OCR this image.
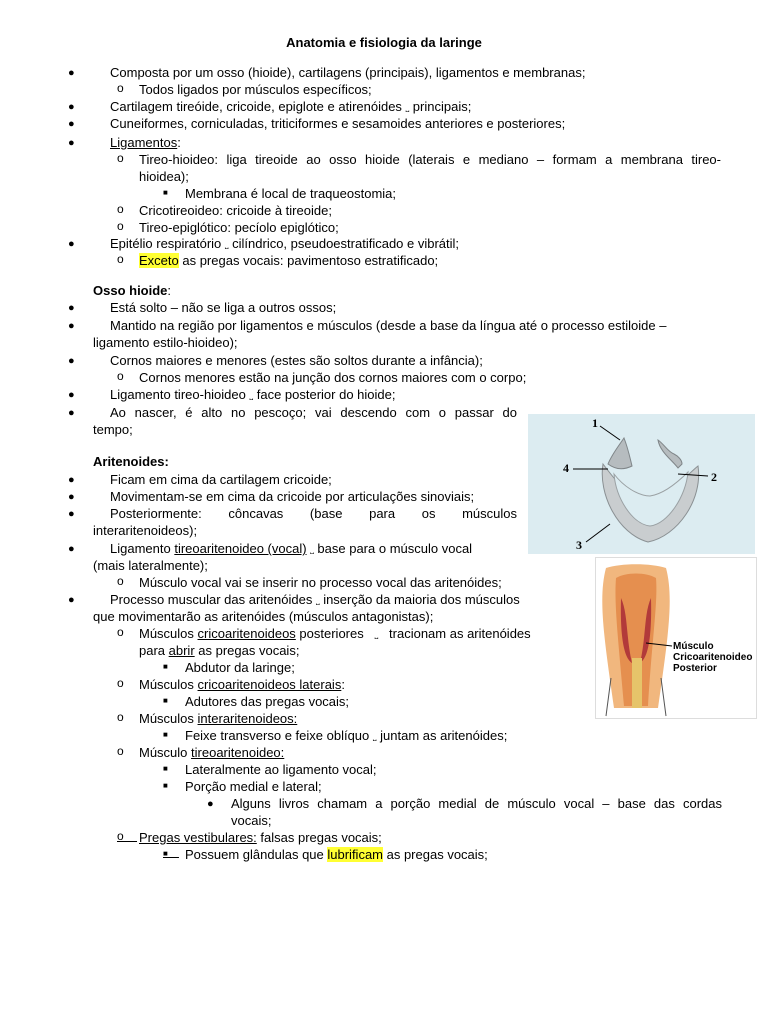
Anatomia e fisiologia da laringe
●	Composta por um osso (hioide), cartilagens (principais), ligamentos e membranas;
o Todos ligados por músculos específicos;
●	Cartilagem tireóide, cricoide, epiglote e atirenóides ⎵ principais;
●	Cuneiformes, corniculadas, triticiformes e sesamoides anteriores e posteriores;
●	Ligamentos:
o Tireo-hioideo: liga tireoide ao osso hioide (laterais e mediano – formam a membrana tireo-
hioidea);
■ Membrana é local de traqueostomia;
o Cricotireoideo: cricoide à tireoide;
o Tireo-epiglótico: pecíolo epiglótico;
●	Epitélio respiratório ⎵ cilíndrico, pseudoestratificado e vibrátil;
o Exceto as pregas vocais: pavimentoso estratificado;
Osso hioide:
●	Está solto – não se liga a outros ossos;
●	Mantido na região por ligamentos e músculos (desde a base da língua até o processo estiloide –
ligamento estilo-hioideo);
●	Cornos maiores e menores (estes são soltos durante a infância);
o Cornos menores estão na junção dos cornos maiores com o corpo;
●	Ligamento tireo-hioideo ⎵ face posterior do hioide;
●	Ao nascer, é alto no pescoço; vai descendo com o passar do
tempo;
Aritenoides:
●	Ficam em cima da cartilagem cricoide;
●	Movimentam-se em cima da cricoide por articulações sinoviais;
●	Posteriormente: côncavas (base para os músculos
interaritenoideos);
●	Ligamento tireoaritenoideo (vocal) ⎵ base para o músculo vocal
(mais lateralmente);
o Músculo vocal vai se inserir no processo vocal das aritenóides;
●	Processo muscular das aritenóides ⎵ inserção da maioria dos músculos
que movimentarão as aritenóides (músculos antagonistas);
o Músculos cricoaritenoideos posteriores ⎵ tracionam as aritenóides
para abrir as pregas vocais;
■ Abdutor da laringe;
o Músculos cricoaritenoideos laterais:
■ Adutores das pregas vocais;
o Músculos interaritenoideos:
■ Feixe transverso e feixe oblíquo ⎵ juntam as aritenóides;
o Músculo tireoaritenoideo:
■ Lateralmente ao ligamento vocal;
■ Porção medial e lateral;
● Alguns livros chamam a porção medial de músculo vocal – base das cordas
vocais;
o Pregas vestibulares: falsas pregas vocais;
■ Possuem glândulas que lubrificam as pregas vocais;
1
2
3
4
Músculo
Cricoaritenoideo
Posterior
